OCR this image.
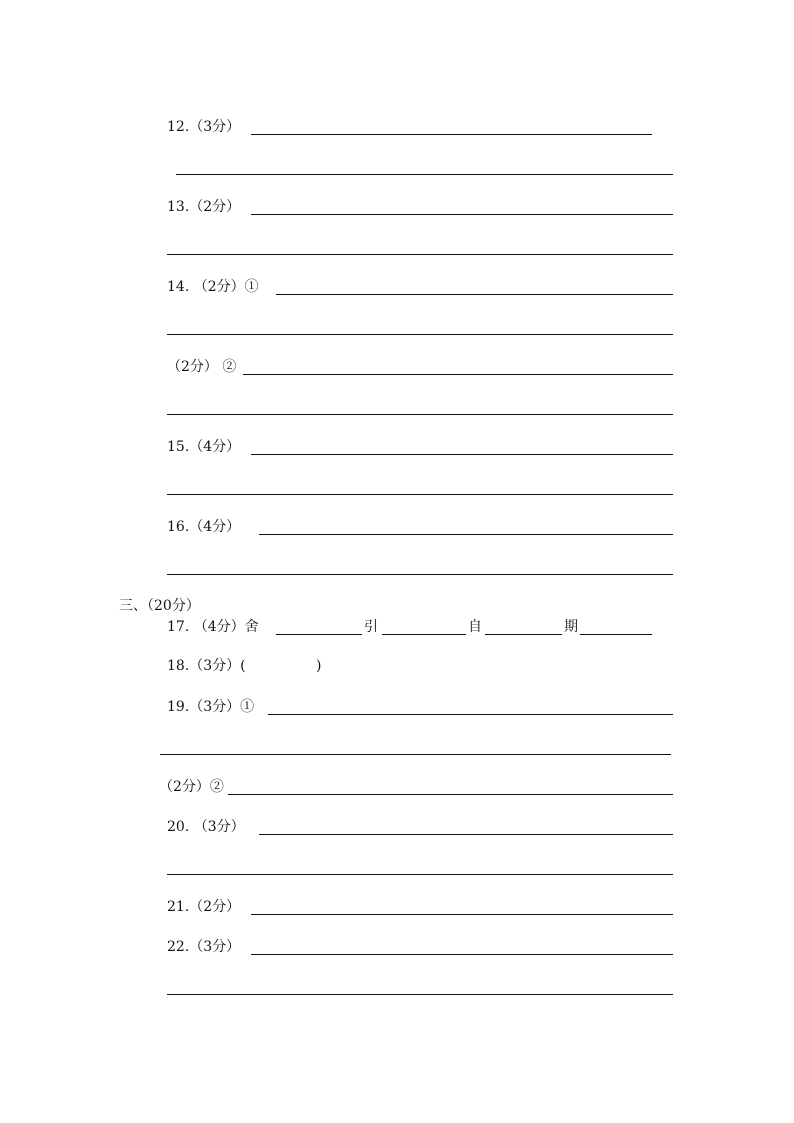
12.（3分）
13.（2分）
14. （2分）①
（2分） ②
15.（4分）
16.（4分）
三、（20分）
17. （4分）舍	引	自	期
18.（3分）(	)
19.（3分）①
（2分）②
20. （3分）
21.（2分）
22.（3分）
